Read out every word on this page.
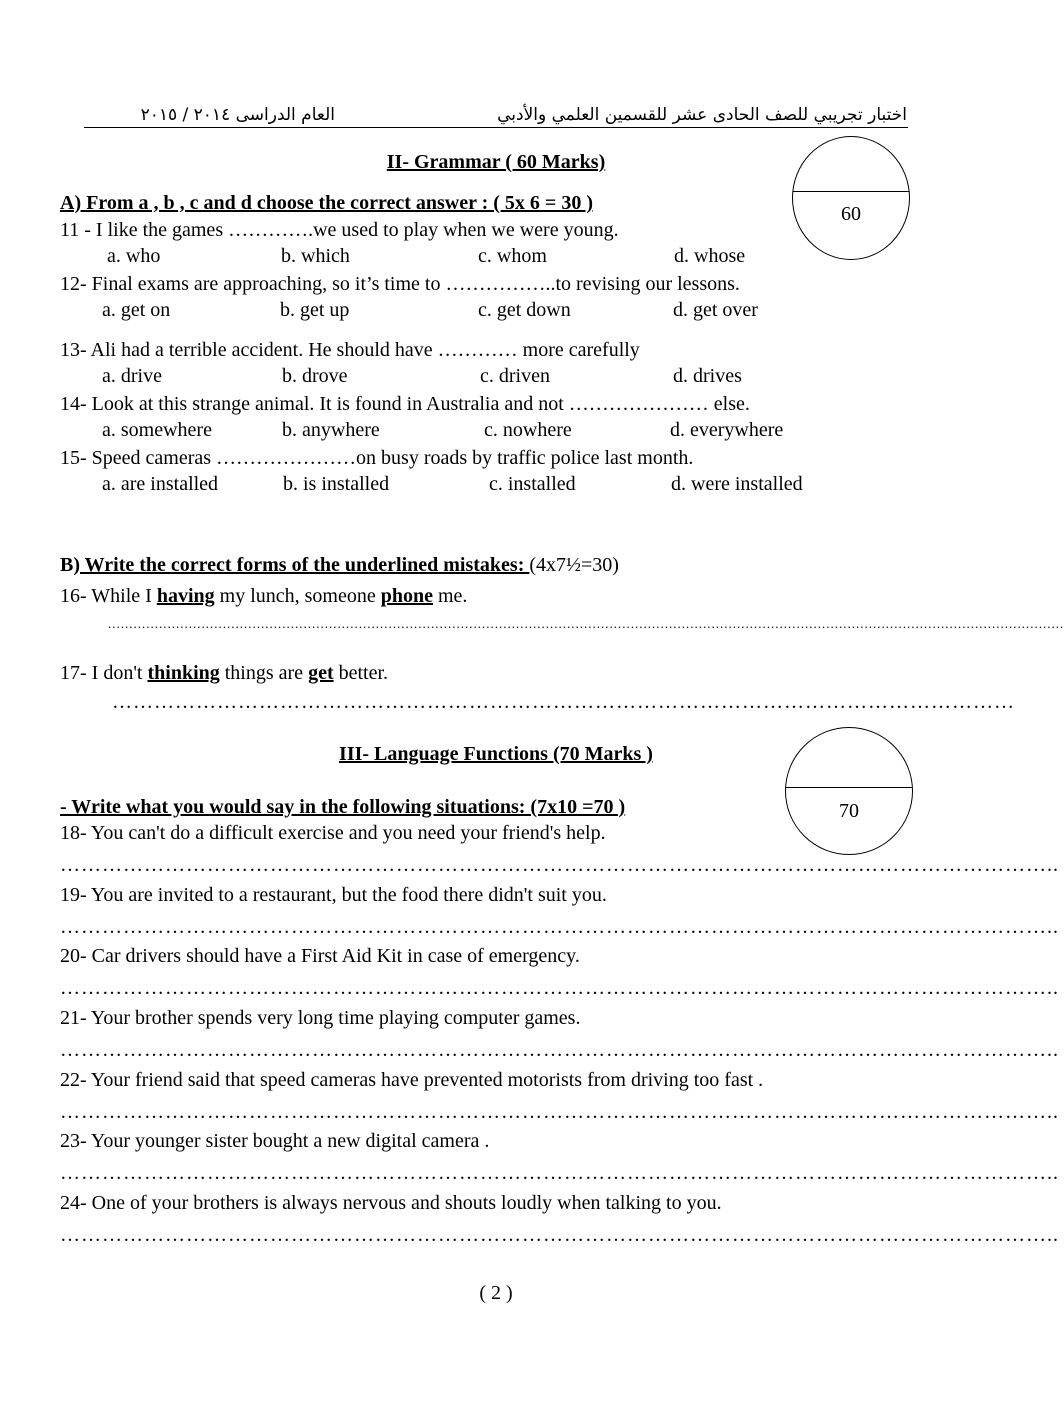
اختبار تجريبي للصف الحادى عشر للقسمين العلمي والأدبي
العام الدراسى ٢٠١٤ / ٢٠١٥
II- Grammar ( 60 Marks)
60
A) From a , b , c and d choose the correct answer : ( 5x 6 = 30 )
11 - I like the games ………….we used to play when we were young.
a. who	b. which	c. whom	d. whose
12- Final exams are approaching, so it’s time to ……………..to revising our lessons.
a. get on	b. get up	c. get down	d. get over
13- Ali had a terrible accident. He should have ………… more carefully
a. drive	b. drove	c. driven	d. drives
14- Look at this strange animal. It is found in Australia and not ………………… else.
a. somewhere	b. anywhere	c. nowhere	d. everywhere
15- Speed cameras …………………on busy roads by traffic police last month.
a. are installed	b. is installed	c. installed	d. were installed
B) Write the correct forms of the underlined mistakes: (4x7½=30)
16- While I having my lunch, someone phone me.
.................................................................................................................................................................................................................................
17- I don't thinking things are get better.
…………………………………………………………………………………………………………………
III- Language Functions (70 Marks )
70
- Write what you would say in the following situations: (7x10 =70 )
18- You can't do a difficult exercise and you need your friend's help.
……………………………………………………………………………………………………………………………..
19- You are invited to a restaurant, but the food there didn't suit you.
……………………………………………………………………………………………………………………………..
20- Car drivers should have a First Aid Kit in case of emergency.
……………………………………………………………………………………………………………………………..
21- Your brother spends very long time playing computer games.
……………………………………………………………………………………………………………………………..
22- Your friend said that speed cameras have prevented motorists from driving too fast .
……………………………………………………………………………………………………………………………..
23- Your younger sister bought a new digital camera .
……………………………………………………………………………………………………………………………..
24- One of your brothers is always nervous and shouts loudly when talking to you.
……………………………………………………………………………………………………………………………..
( 2 )
